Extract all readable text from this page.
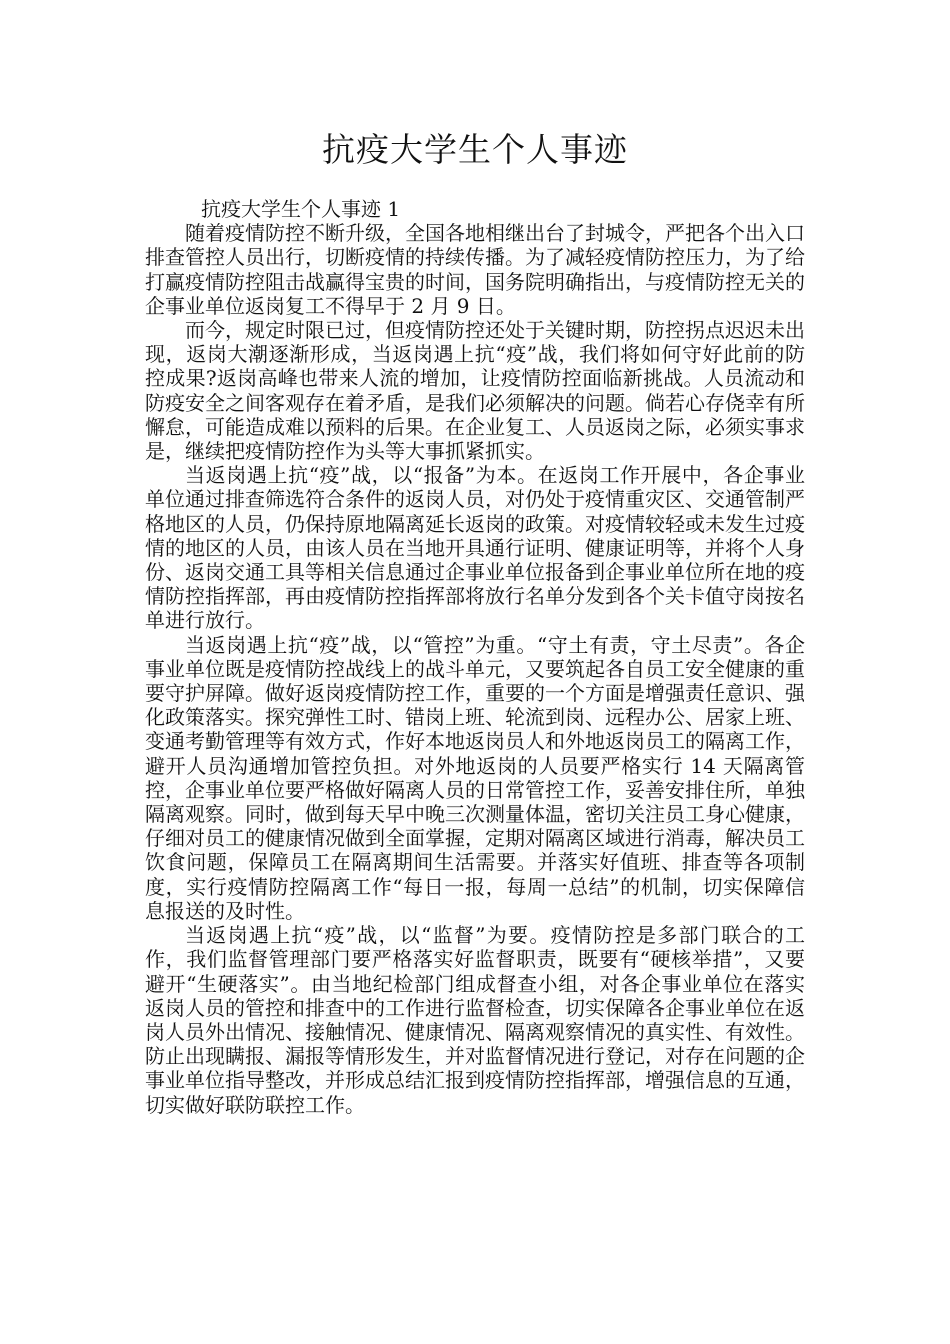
抗疫大学生个人事迹

抗疫大学生个人事迹 1

随着疫情防控不断升级，全国各地相继出台了封城令，严把各个出入口排查管控人员出行，切断疫情的持续传播。为了减轻疫情防控压力，为了给打赢疫情防控阻击战赢得宝贵的时间，国务院明确指出，与疫情防控无关的企事业单位返岗复工不得早于 2 月 9 日。

而今，规定时限已过，但疫情防控还处于关键时期，防控拐点迟迟未出现，返岗大潮逐渐形成，当返岗遇上抗“疫”战，我们将如何守好此前的防控成果?返岗高峰也带来人流的增加，让疫情防控面临新挑战。人员流动和防疫安全之间客观存在着矛盾，是我们必须解决的问题。倘若心存侥幸有所懈怠，可能造成难以预料的后果。在企业复工、人员返岗之际，必须实事求是，继续把疫情防控作为头等大事抓紧抓实。

当返岗遇上抗“疫”战，以“报备”为本。在返岗工作开展中，各企事业单位通过排查筛选符合条件的返岗人员，对仍处于疫情重灾区、交通管制严格地区的人员，仍保持原地隔离延长返岗的政策。对疫情较轻或未发生过疫情的地区的人员，由该人员在当地开具通行证明、健康证明等，并将个人身份、返岗交通工具等相关信息通过企事业单位报备到企事业单位所在地的疫情防控指挥部，再由疫情防控指挥部将放行名单分发到各个关卡值守岗按名单进行放行。

当返岗遇上抗“疫”战，以“管控”为重。“守土有责，守土尽责”。各企事业单位既是疫情防控战线上的战斗单元，又要筑起各自员工安全健康的重要守护屏障。做好返岗疫情防控工作，重要的一个方面是增强责任意识、强化政策落实。探究弹性工时、错岗上班、轮流到岗、远程办公、居家上班、变通考勤管理等有效方式，作好本地返岗员人和外地返岗员工的隔离工作，避开人员沟通增加管控负担。对外地返岗的人员要严格实行 14 天隔离管控，企事业单位要严格做好隔离人员的日常管控工作，妥善安排住所，单独隔离观察。同时，做到每天早中晚三次测量体温，密切关注员工身心健康，仔细对员工的健康情况做到全面掌握，定期对隔离区域进行消毒，解决员工饮食问题，保障员工在隔离期间生活需要。并落实好值班、排查等各项制度，实行疫情防控隔离工作“每日一报，每周一总结”的机制，切实保障信息报送的及时性。

当返岗遇上抗“疫”战，以“监督”为要。疫情防控是多部门联合的工作，我们监督管理部门要严格落实好监督职责，既要有“硬核举措”，又要避开“生硬落实”。由当地纪检部门组成督查小组，对各企事业单位在落实返岗人员的管控和排查中的工作进行监督检查，切实保障各企事业单位在返岗人员外出情况、接触情况、健康情况、隔离观察情况的真实性、有效性。防止出现瞒报、漏报等情形发生，并对监督情况进行登记，对存在问题的企事业单位指导整改，并形成总结汇报到疫情防控指挥部，增强信息的互通，切实做好联防联控工作。
